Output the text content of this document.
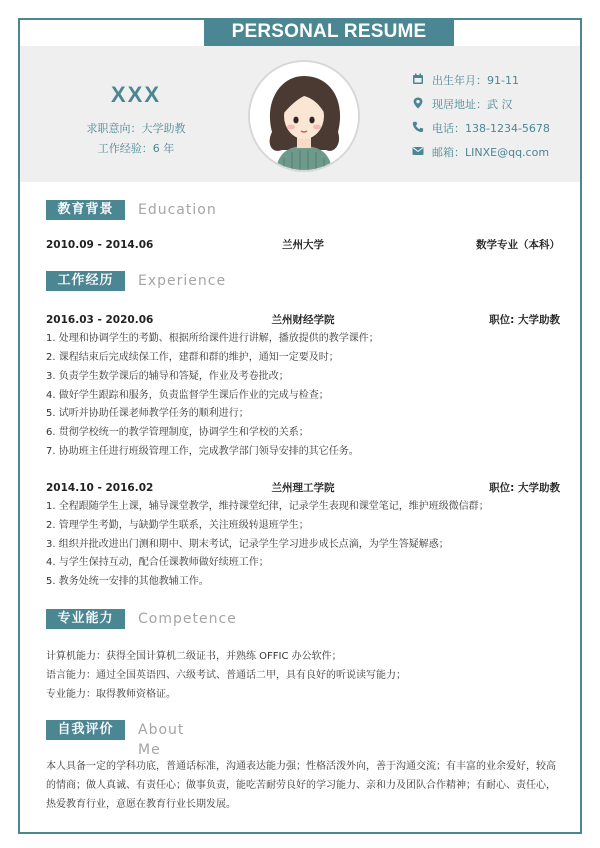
PERSONAL RESUME
XXX
求职意向：大学助教
工作经验：6 年
出生年月：91-11
现居地址：武 汉
电话：138-1234-5678
邮箱：LINXE@qq.com
教育背景	Education
2010.09 - 2014.06	兰州大学	数学专业（本科）
工作经历	Experience
2016.03 - 2020.06	兰州财经学院	职位: 大学助教
1. 处理和协调学生的考勤、根据所给课件进行讲解，播放提供的教学课件；
2. 课程结束后完成续保工作，建群和群的维护，通知一定要及时；
3. 负责学生数学课后的辅导和答疑，作业及考卷批改；
4. 做好学生跟踪和服务，负责监督学生课后作业的完成与检查；
5. 试听并协助任课老师教学任务的顺利进行；
6. 贯彻学校统一的教学管理制度，协调学生和学校的关系；
7. 协助班主任进行班级管理工作，完成教学部门领导安排的其它任务。
2014.10 - 2016.02	兰州理工学院	职位: 大学助教
1. 全程跟随学生上课，辅导课堂教学，维持课堂纪律，记录学生表现和课堂笔记，维护班级微信群；
2. 管理学生考勤，与缺勤学生联系，关注班级转退班学生；
3. 组织并批改进出门测和期中、期末考试，记录学生学习进步成长点滴，为学生答疑解惑；
4. 与学生保持互动，配合任课教师做好续班工作；
5. 教务处统一安排的其他教辅工作。
专业能力	Competence
计算机能力：获得全国计算机二级证书，并熟练 OFFIC 办公软件；
语言能力：通过全国英语四、六级考试、普通话二甲，具有良好的听说读写能力；
专业能力：取得教师资格证。
自我评价	About Me
本人具备一定的学科功底，普通话标准，沟通表达能力强；性格活泼外向，善于沟通交流；有丰富的业余爱好，较高的情商；做人真诚、有责任心；做事负责，能吃苦耐劳良好的学习能力、亲和力及团队合作精神；有耐心、责任心，热爱教育行业，意愿在教育行业长期发展。
